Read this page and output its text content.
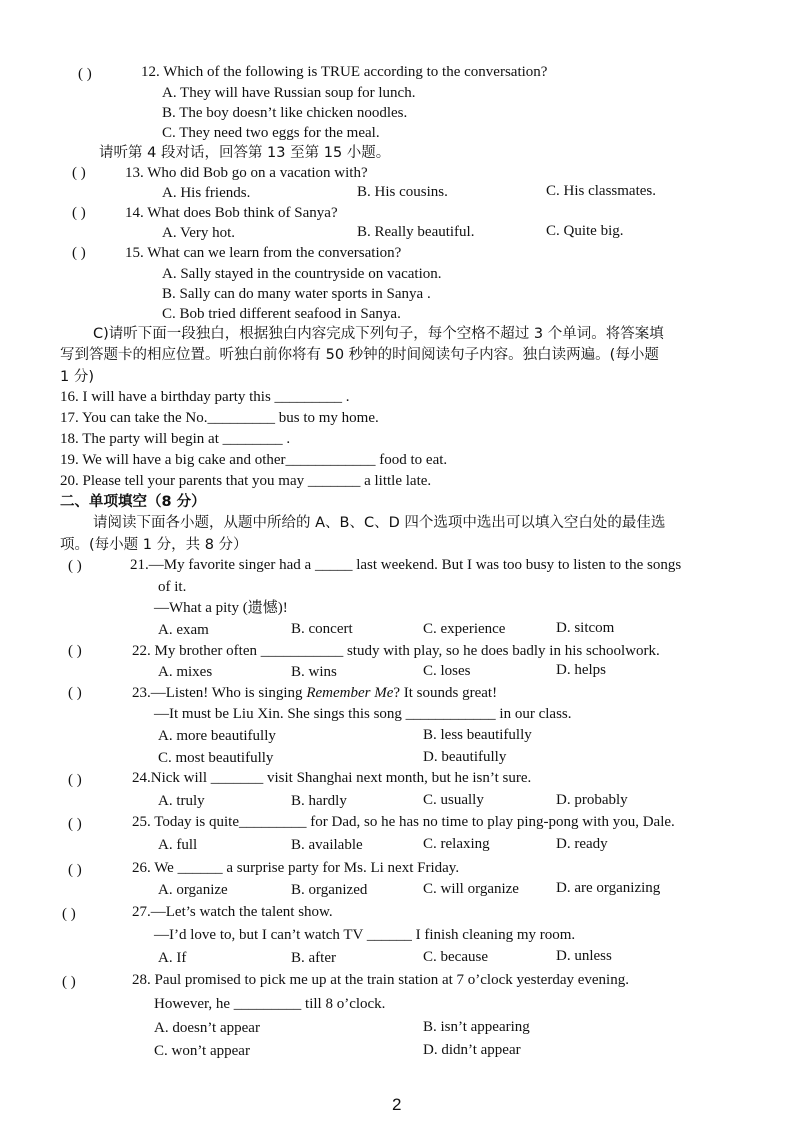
( )	12. Which of the following is TRUE according to the conversation?
A. They will have Russian soup for lunch.
B. The boy doesn’t like chicken noodles.
C. They need two eggs for the meal.
请听第 4 段对话，回答第 13 至第 15 小题。
( )	13. Who did Bob go on a vacation with?
A. His friends.	B. His cousins.	C. His classmates.
( )	14. What does Bob think of Sanya?
A. Very hot.	B. Really beautiful.	C. Quite big.
( )	15. What can we learn from the conversation?
A. Sally stayed in the countryside on vacation.
B. Sally can do many water sports in Sanya .
C. Bob tried different seafood in Sanya.
C)请听下面一段独白，根据独白内容完成下列句子，每个空格不超过 3 个单词。将答案填
写到答题卡的相应位置。听独白前你将有 50 秒钟的时间阅读句子内容。独白读两遍。(每小题
1 分)
16. I will have a birthday party this _________ .
17. You can take the No._________ bus to my home.
18. The party will begin at ________ .
19. We will have a big cake and other____________ food to eat.
20. Please tell your parents that you may _______ a little late.
二、单项填空（8 分）
请阅读下面各小题，从题中所给的 A、B、C、D 四个选项中选出可以填入空白处的最佳选
项。(每小题 1 分，共 8 分）
( )	21.—My favorite singer had a _____ last weekend. But I was too busy to listen to the songs
of it.
—What a pity (遗憾)!
A. exam	B. concert	C. experience	D. sitcom
( )	22. My brother often ___________ study with play, so he does badly in his schoolwork.
A. mixes	B. wins	C. loses	D. helps
( )	23.—Listen! Who is singing Remember Me? It sounds great!
—It must be Liu Xin. She sings this song ____________ in our class.
A. more beautifully	B. less beautifully
C. most beautifully	D. beautifully
( )	24.Nick will _______ visit Shanghai next month, but he isn’t sure.
A. truly	B. hardly	C. usually	D. probably
( )	25. Today is quite_________ for Dad, so he has no time to play ping-pong with you, Dale.
A. full	B. available	C. relaxing	D. ready
( )	26. We ______ a surprise party for Ms. Li next Friday.
A. organize	B. organized	C. will organize D. are organizing
( )	27.—Let’s watch the talent show.
—I’d love to, but I can’t watch TV ______ I finish cleaning my room.
A. If	B. after	C. because	D. unless
( )	28. Paul promised to pick me up at the train station at 7 o’clock yesterday evening.
However, he _________ till 8 o’clock.
A. doesn’t appear	B. isn’t appearing
C. won’t appear	D. didn’t appear
2
